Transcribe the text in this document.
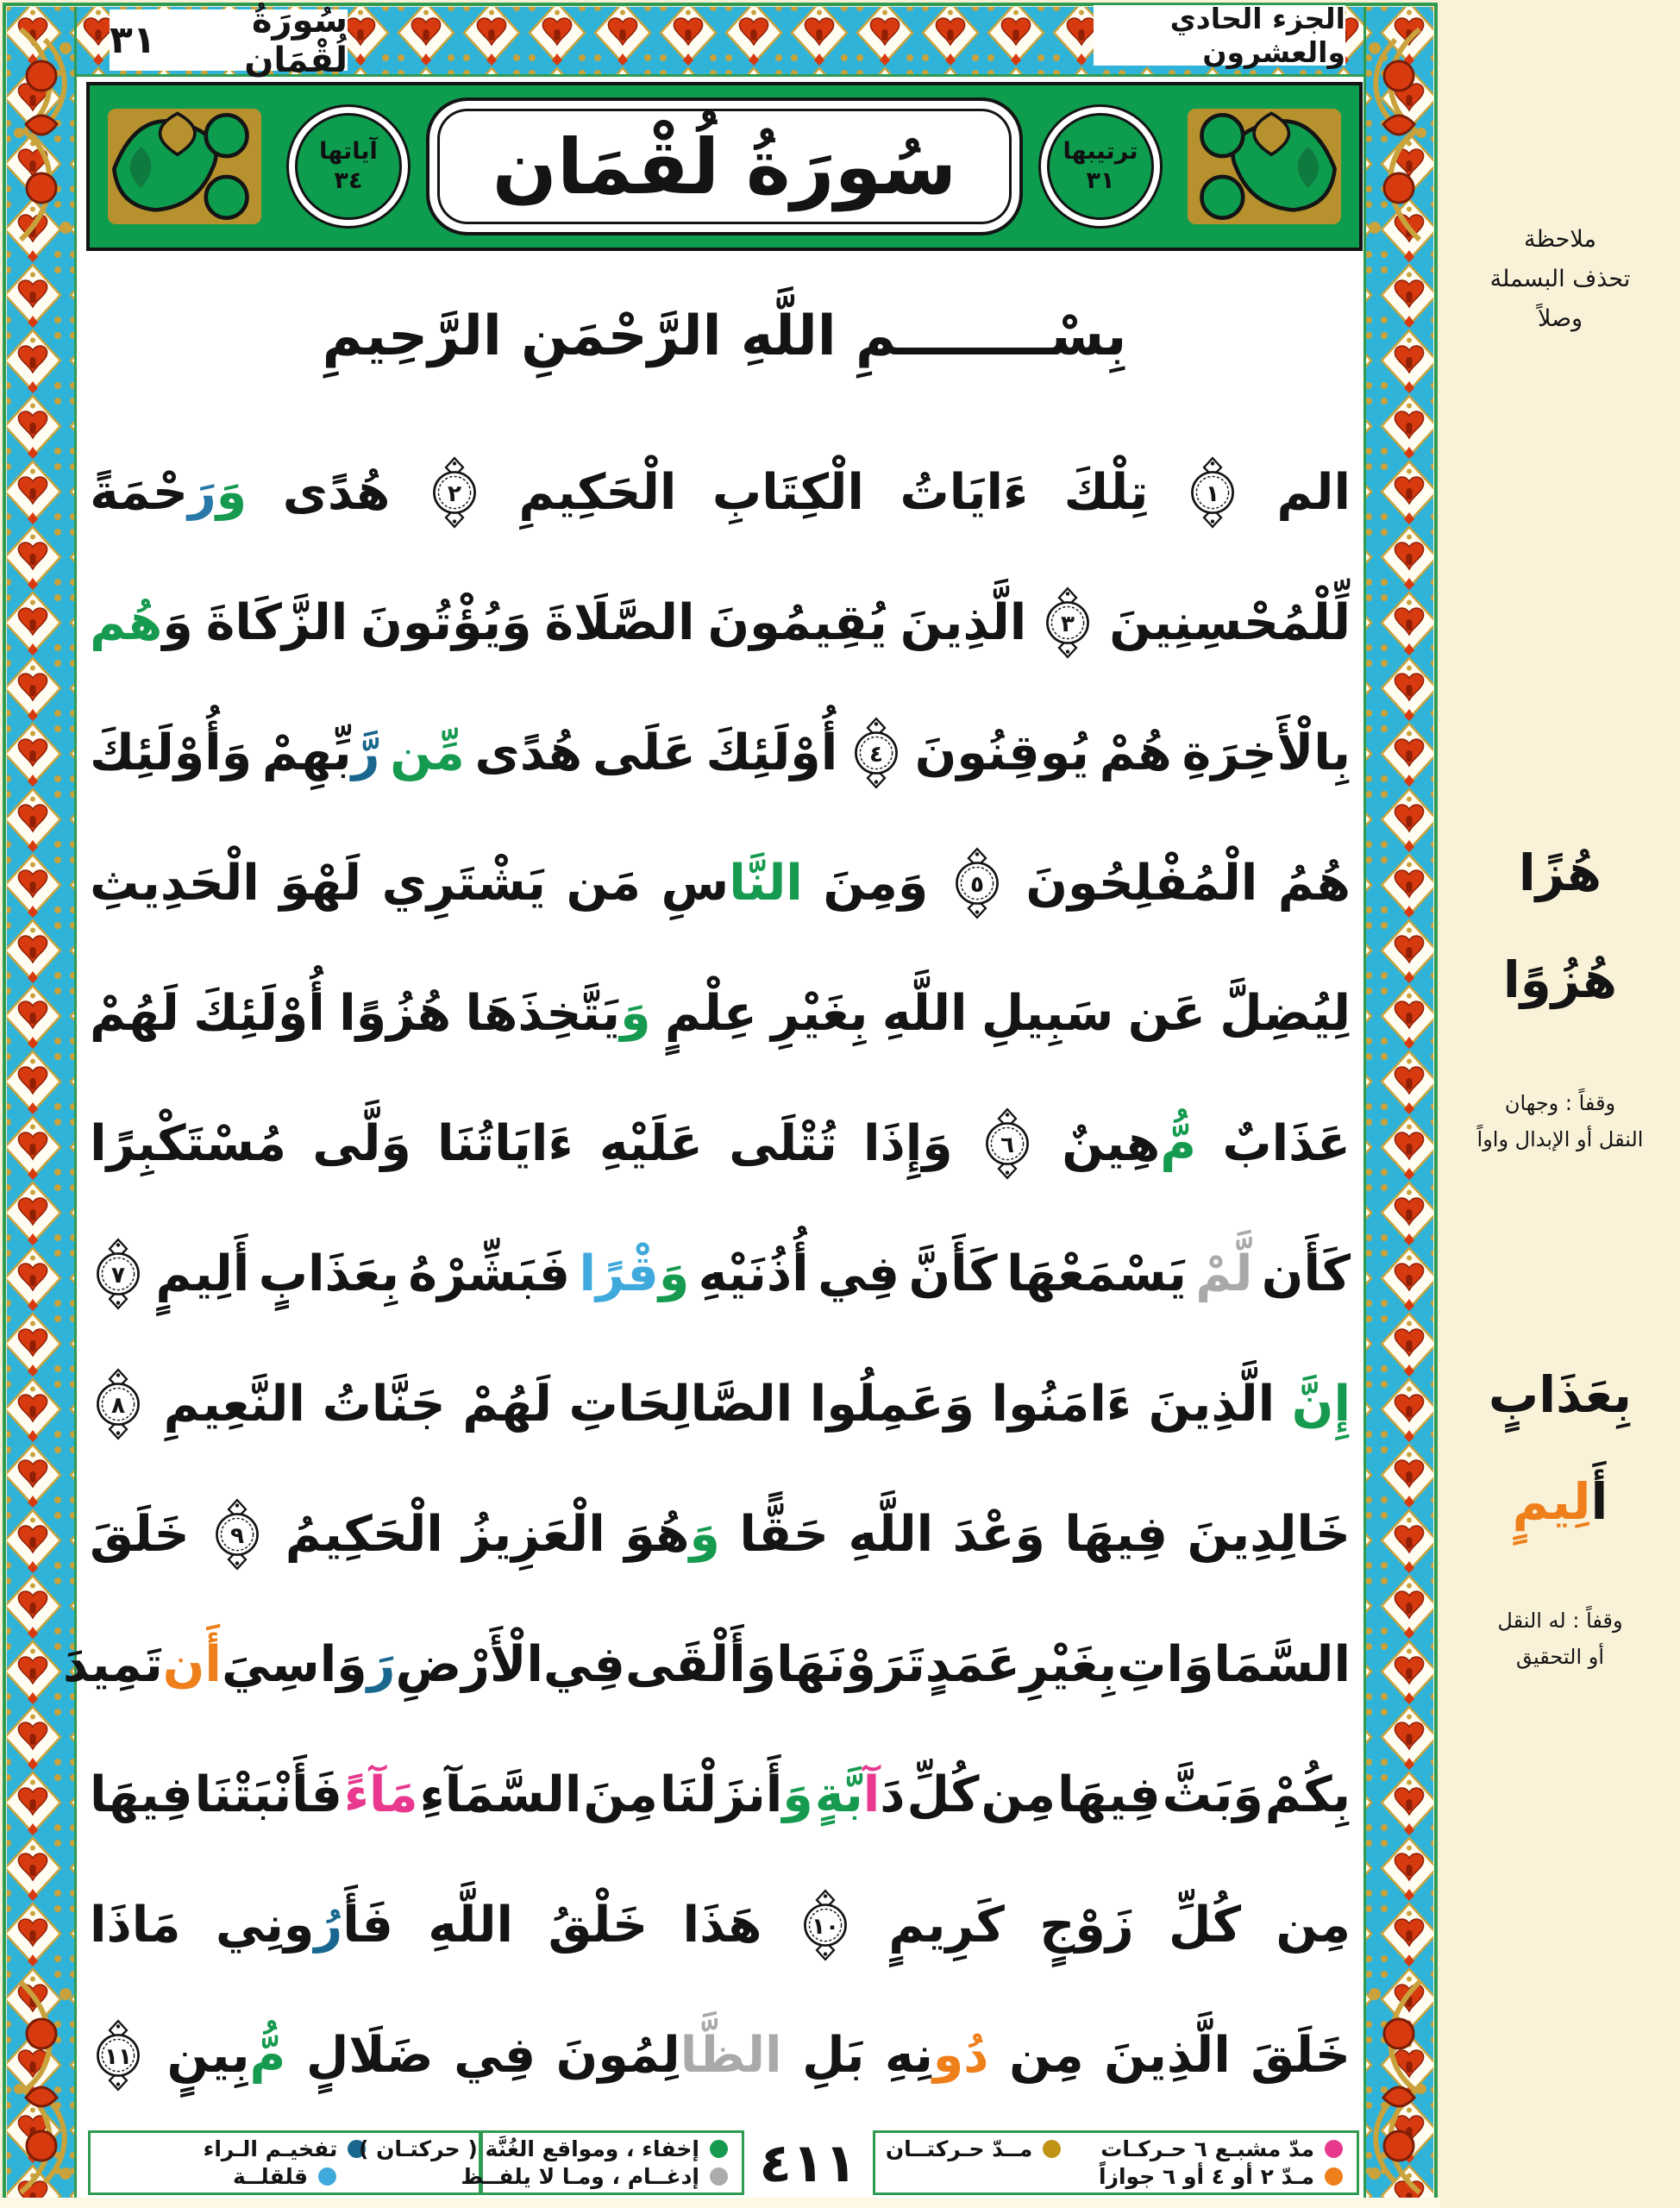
سُورَةُ لُقْمَان
٣١	الجزء الحادي والعشرون
آياتها
٣٤ سُورَةُ لُقْمَان	ترتيبها
٣١
بِسْــــــــمِ اللَّهِ الرَّحْمَنِ الرَّحِيمِ
الم
١
تِلْكَ
ءَايَاتُ
الْكِتَابِ
الْحَكِيمِ
٢
هُدًى
وَ
رَ
حْمَةً
لِّلْمُحْسِنِينَ
٣
الَّذِينَ
يُقِيمُونَ
الصَّلَاةَ
وَيُؤْتُونَ
الزَّكَاةَ
وَ
هُم
بِالْأَخِرَةِ
هُمْ
يُوقِنُونَ
٤
أُوْلَئِكَ
عَلَى
هُدًى
مِّن
رَّ
بِّهِمْ
وَأُوْلَئِكَ
هُمُ
الْمُفْلِحُونَ
٥
وَمِنَ
النَّا
سِ
مَن
يَشْتَرِي
لَهْوَ
الْحَدِيثِ
لِيُضِلَّ
عَن
سَبِيلِ
اللَّهِ
بِغَيْرِ
عِلْمٍ
وَ
يَتَّخِذَهَا
هُزُوًا
أُوْلَئِكَ
لَهُمْ
عَذَابٌ
مُّ
هِينٌ
٦
وَإِذَا
تُتْلَى
عَلَيْهِ
ءَايَاتُنَا
وَلَّى
مُسْتَكْبِرًا
كَأَن
لَّمْ
يَسْمَعْهَا
كَأَنَّ
فِي
أُذُنَيْهِ
وَ
قْرًا
فَبَشِّرْهُ
بِعَذَابٍ
أَلِيمٍ
٧
إِنَّ
الَّذِينَ
ءَامَنُوا
وَعَمِلُوا
الصَّالِحَاتِ
لَهُمْ
جَنَّاتُ
النَّعِيمِ
٨
خَالِدِينَ
فِيهَا
وَعْدَ
اللَّهِ
حَقًّا
وَ
هُوَ
الْعَزِيزُ
الْحَكِيمُ
٩
خَلَقَ
السَّمَاوَاتِ
بِغَيْرِ
عَمَدٍ
تَرَوْنَهَا
وَأَلْقَى
فِي
الْأَرْضِ
رَ
وَاسِيَ
أَن
تَمِيدَ
بِكُمْ
وَبَثَّ
فِيهَا
مِن
كُلِّ
دَ
آ
بَّةٍ
وَ
أَنزَلْنَا
مِنَ
السَّمَآءِ
مَآءً
فَأَنْبَتْنَا
فِيهَا
مِن
كُلِّ
زَوْجٍ
كَرِيمٍ
١٠
هَذَا
خَلْقُ
اللَّهِ
فَأَ
رُ
ونِي
مَاذَا
خَلَقَ
الَّذِينَ
مِن
دُو
نِهِ
بَلِ
الظَّا
لِمُونَ
فِي
ضَلَالٍ
مُّ
بِينٍ
١١
تفخيـم الـراء
قلقلــة
إخفاء ، ومواقع الغُنَّة ( حركتـان )
إدغــام ، ومـا لا يلفــظ
مدّ مشبـع ٦ حـركـات
مــدّ حـركتــان
مـدّ ٢ أو ٤ أو ٦ جوازاً
٤١١
ملاحظة
تحذف البسملة
وصلاً
هُزًا
هُزُوًا
وقفاً : وجهان
النقل أو الإبدال واواً
بِعَذَابٍ
أَلِيمٍ
وقفاً : له النقل
أو التحقيق
